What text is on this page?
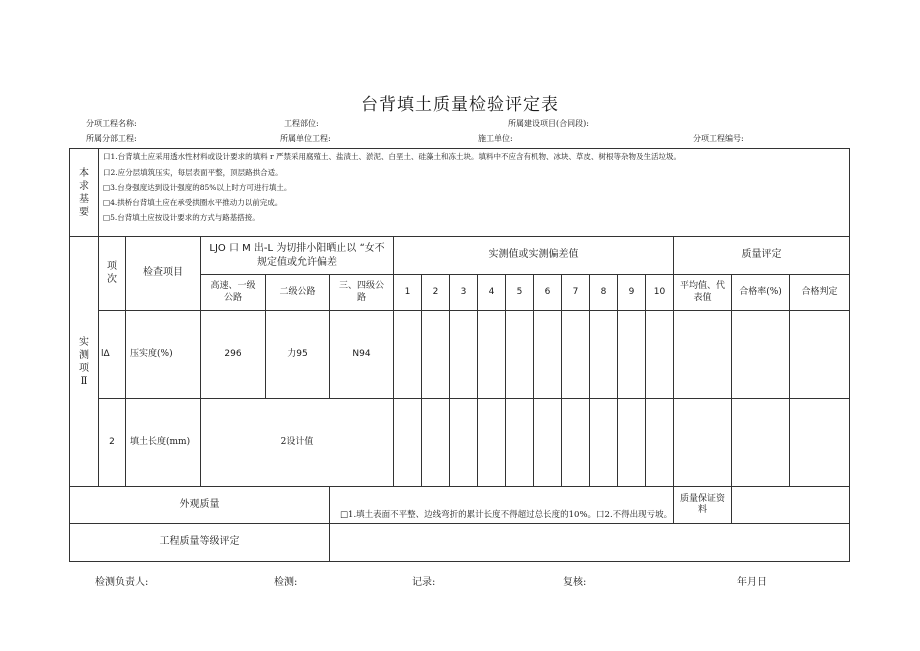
台背填土质量检验评定表
分项工程名称:	工程部位:	所属建设项目(合同段):
所属分部工程:	所属单位工程:	施工单位:	分项工程编号:
本求基要	口1.台背填土应采用透水性材料或设计要求的填料 r 严禁采用腐殖土、盐渍土、淤泥、白垩土、硅藻土和冻土块。填料中不应含有机物、冰块、草皮、树根等杂物及生活垃圾。

口2.应分层填筑压实，每层表面平整，顶层路拱合适。

□3.台身强度达到设计强度的85%以上时方可进行填土。

□4.拱桥台背填土应在承受拱圈水平推动力以前完成。

□5.台背填土应按设计要求的方式与路基搭接。																	

实测项Ⅱ	项次	检查项目	LJO 口 M 出-L 为切排小阳晒止以 “女不
规定值或允许偏差			实测值或实测偏差值										质量评定		
			高速、一级公路	二级公路	三、四级公路	1	2	3	4	5	6	7	8	9	10	平均值、代表值	合格率(%)	合格判定
	lΔ	压实度(%)	296	力95	N94													
	2	填土长度(mm)	2设计值															
外观质量					□1.填土表面不平整、边线弯折的累计长度不得超过总长度的10%。口2.不得出现亏坡。											质量保证资料		
工程质量等级评定																		
检测负责人:	检测:	记录:	复核:	年月日
